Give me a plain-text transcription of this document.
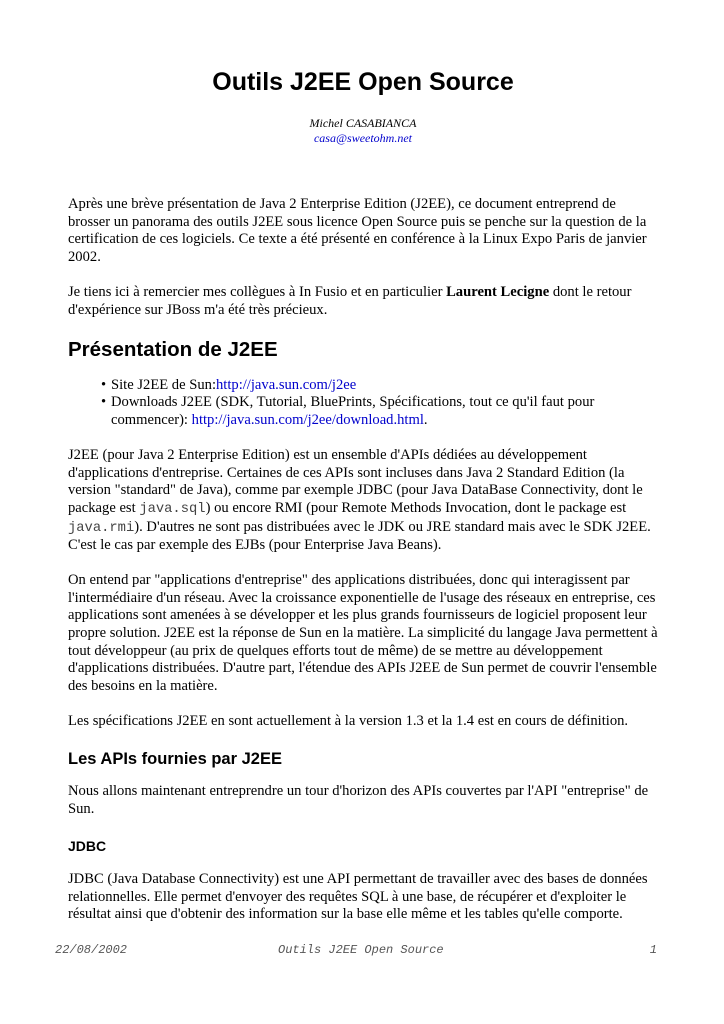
Outils J2EE Open Source
Michel CASABIANCA
casa@sweetohm.net

Après une brève présentation de Java 2 Enterprise Edition (J2EE), ce document entreprend de brosser un panorama des outils J2EE sous licence Open Source puis se penche sur la question de la certification de ces logiciels. Ce texte a été présenté en conférence à la Linux Expo Paris de janvier 2002.

Je tiens ici à remercier mes collègues à In Fusio et en particulier Laurent Lecigne dont le retour d'expérience sur JBoss m'a été très précieux.

Présentation de J2EE
• Site J2EE de Sun:http://java.sun.com/j2ee
• Downloads J2EE (SDK, Tutorial, BluePrints, Spécifications, tout ce qu'il faut pour commencer): http://java.sun.com/j2ee/download.html.

J2EE (pour Java 2 Enterprise Edition) est un ensemble d'APIs dédiées au développement d'applications d'entreprise. Certaines de ces APIs sont incluses dans Java 2 Standard Edition (la version "standard" de Java), comme par exemple JDBC (pour Java DataBase Connectivity, dont le package est java.sql) ou encore RMI (pour Remote Methods Invocation, dont le package est java.rmi). D'autres ne sont pas distribuées avec le JDK ou JRE standard mais avec le SDK J2EE. C'est le cas par exemple des EJBs (pour Enterprise Java Beans).

On entend par "applications d'entreprise" des applications distribuées, donc qui interagissent par l'intermédiaire d'un réseau. Avec la croissance exponentielle de l'usage des réseaux en entreprise, ces applications sont amenées à se développer et les plus grands fournisseurs de logiciel proposent leur propre solution. J2EE est la réponse de Sun en la matière. La simplicité du langage Java permettent à tout développeur (au prix de quelques efforts tout de même) de se mettre au développement d'applications distribuées. D'autre part, l'étendue des APIs J2EE de Sun permet de couvrir l'ensemble des besoins en la matière.

Les spécifications J2EE en sont actuellement à la version 1.3 et la 1.4 est en cours de définition.

Les APIs fournies par J2EE

Nous allons maintenant entreprendre un tour d'horizon des APIs couvertes par l'API "entreprise" de Sun.

JDBC

JDBC (Java Database Connectivity) est une API permettant de travailler avec des bases de données relationnelles. Elle permet d'envoyer des requêtes SQL à une base, de récupérer et d'exploiter le résultat ainsi que d'obtenir des information sur la base elle même et les tables qu'elle comporte.

22/08/2002	Outils J2EE Open Source	1
